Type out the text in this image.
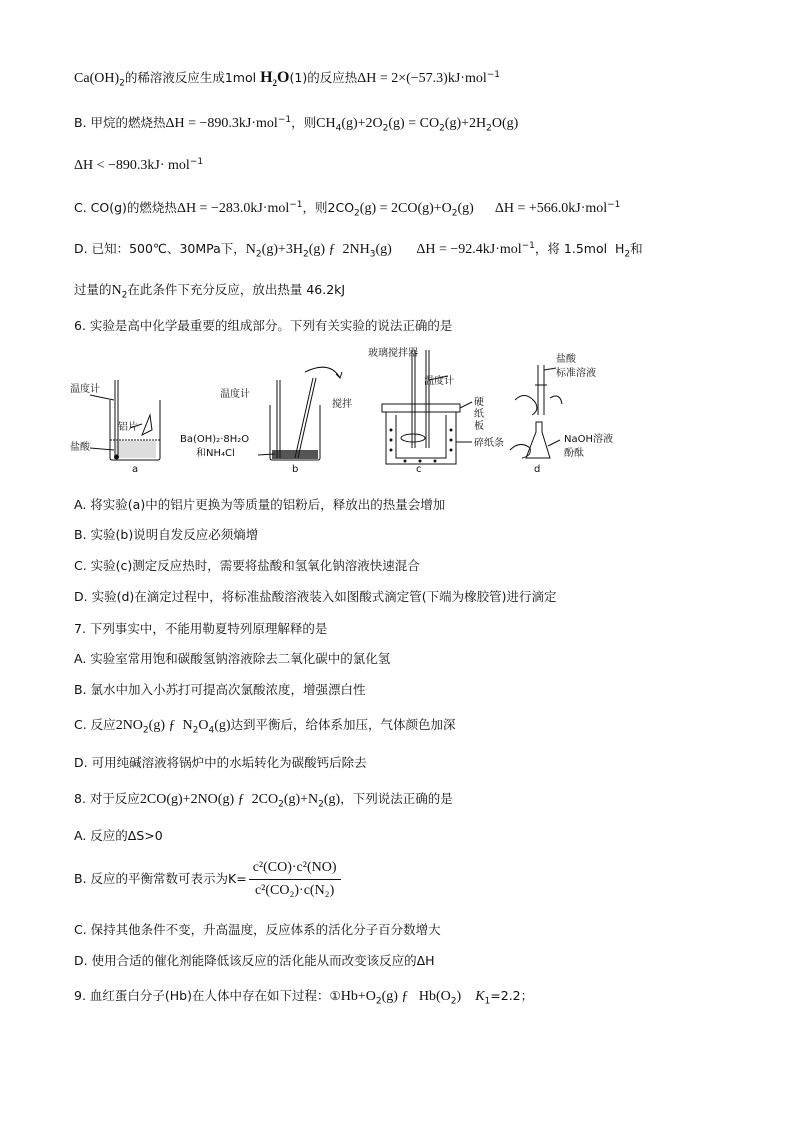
$Ca(OH)_2$的稀溶液反应生成1mol $H_2O(1)$的反应热ΔH = 2×(−57.3)kJ·mol$^{-1}$
B. 甲烷的燃烧热ΔH = −890.3kJ·mol$^{-1}$，则$CH_4(g)+2O_2(g) = CO_2(g)+2H_2O(g)$
ΔH < −890.3kJ· mol$^{-1}$
C. CO(g)的燃烧热ΔH = −283.0kJ·mol$^{-1}$，则$2CO_2(g) = 2CO(g)+O_2(g)$      ΔH = +566.0kJ·mol$^{-1}$
D. 已知：500℃、30MPa下，$N_2(g)+3H_2(g)$ ƒ  $2NH_3(g)$       ΔH = −92.4kJ·mol$^{-1}$，将 1.5mol  $H_2$和
过量的$N_2$在此条件下充分反应，放出热量 46.2kJ
6. 实验是高中化学最重要的组成部分。下列有关实验的说法正确的是
温度计
铝片
盐酸
a
温度计
搅拌
Ba(OH)₂·8H₂O
和NH₄Cl
b
玻璃搅拌器
温度计
硬
纸
板
碎纸条
c
盐酸
标准溶液
NaOH溶液
酚酞
d
A. 将实验(a)中的铝片更换为等质量的铝粉后，释放出的热量会增加
B. 实验(b)说明自发反应必须熵增
C. 实验(c)测定反应热时，需要将盐酸和氢氧化钠溶液快速混合
D. 实验(d)在滴定过程中，将标准盐酸溶液装入如图酸式滴定管(下端为橡胶管)进行滴定
7. 下列事实中，不能用勒夏特列原理解释的是
A. 实验室常用饱和碳酸氢钠溶液除去二氧化碳中的氯化氢
B. 氯水中加入小苏打可提高次氯酸浓度，增强漂白性
C. 反应$2NO_2(g)$ ƒ  $N_2O_4(g)$达到平衡后，给体系加压，气体颜色加深
D. 可用纯碱溶液将锅炉中的水垢转化为碳酸钙后除去
8. 对于反应2CO(g)+2NO(g) ƒ  $2CO_2(g)+N_2(g)$，下列说法正确的是
A. 反应的ΔS>0
B. 反应的平衡常数可表示为$K= \frac{\text{c²(CO)·c²(NO)}}{\text{c²(CO₂)·c(N₂)}}$
C. 保持其他条件不变，升高温度，反应体系的活化分子百分数增大
D. 使用合适的催化剂能降低该反应的活化能从而改变该反应的ΔH
9. 血红蛋白分子(Hb)在人体中存在如下过程：$①Hb+O_2(g)$ ƒ   $Hb(O_2)$ $K_1=2.2$；
